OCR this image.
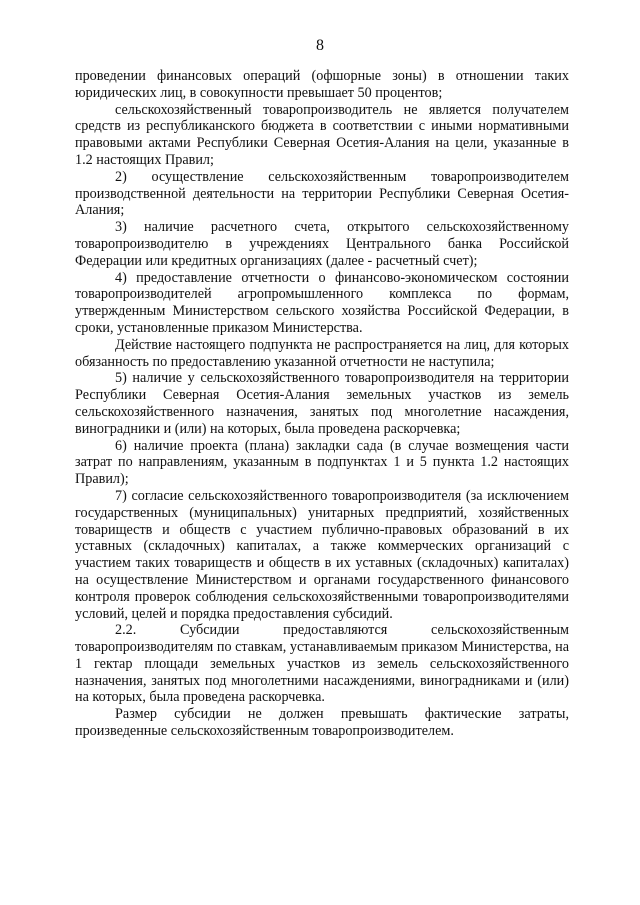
8

проведении финансовых операций (офшорные зоны) в отношении таких юридических лиц, в совокупности превышает 50 процентов;

сельскохозяйственный товаропроизводитель не является получателем средств из республиканского бюджета в соответствии с иными нормативными правовыми актами Республики Северная Осетия-Алания на цели, указанные в 1.2 настоящих Правил;

2) осуществление сельскохозяйственным товаропроизводителем производственной деятельности на территории Республики Северная Осетия-Алания;

3) наличие расчетного счета, открытого сельскохозяйственному товаропроизводителю в учреждениях Центрального банка Российской Федерации или кредитных организациях (далее - расчетный счет);

4) предоставление отчетности о финансово-экономическом состоянии товаропроизводителей агропромышленного комплекса по формам, утвержденным Министерством сельского хозяйства Российской Федерации, в сроки, установленные приказом Министерства.

Действие настоящего подпункта не распространяется на лиц, для которых обязанность по предоставлению указанной отчетности не наступила;

5) наличие у сельскохозяйственного товаропроизводителя на территории Республики Северная Осетия-Алания земельных участков из земель сельскохозяйственного назначения, занятых под многолетние насаждения, виноградники и (или) на которых, была проведена раскорчевка;

6) наличие проекта (плана) закладки сада (в случае возмещения части затрат по направлениям, указанным в подпунктах 1 и 5 пункта 1.2 настоящих Правил);

7) согласие сельскохозяйственного товаропроизводителя (за исключением государственных (муниципальных) унитарных предприятий, хозяйственных товариществ и обществ с участием публично-правовых образований в их уставных (складочных) капиталах, а также коммерческих организаций с участием таких товариществ и обществ в их уставных (складочных) капиталах) на осуществление Министерством и органами государственного финансового контроля проверок соблюдения сельскохозяйственными товаропроизводителями условий, целей и порядка предоставления субсидий.

2.2. Субсидии предоставляются сельскохозяйственным товаропроизводителям по ставкам, устанавливаемым приказом Министерства, на 1 гектар площади земельных участков из земель сельскохозяйственного назначения, занятых под многолетними насаждениями, виноградниками и (или) на которых, была проведена раскорчевка.

Размер субсидии не должен превышать фактические затраты, произведенные сельскохозяйственным товаропроизводителем.
